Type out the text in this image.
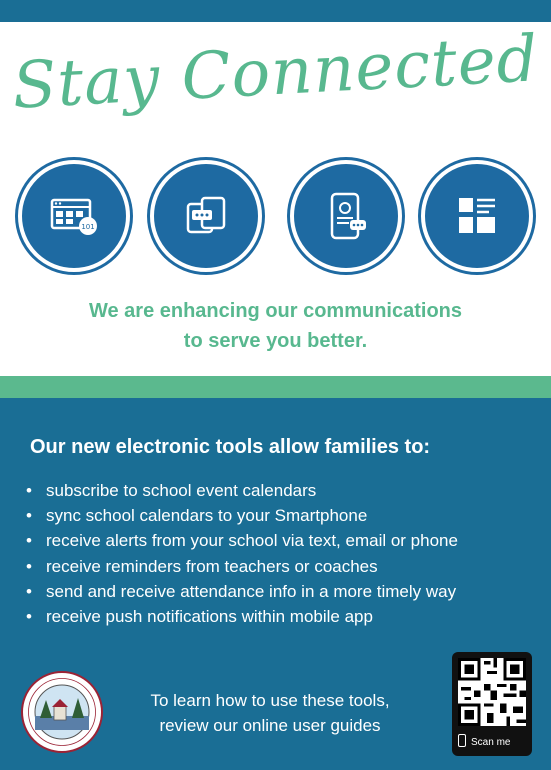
Stay Connected
101
We are enhancing our communications
to serve you better.
Our new electronic tools allow families to:
• subscribe to school event calendars
• sync school calendars to your Smartphone
• receive alerts from your school via text, email or phone
• receive reminders from teachers or coaches
• send and receive attendance info in a more timely way
• receive push notifications within mobile app
To learn how to use these tools,
review our online user guides
Scan me
